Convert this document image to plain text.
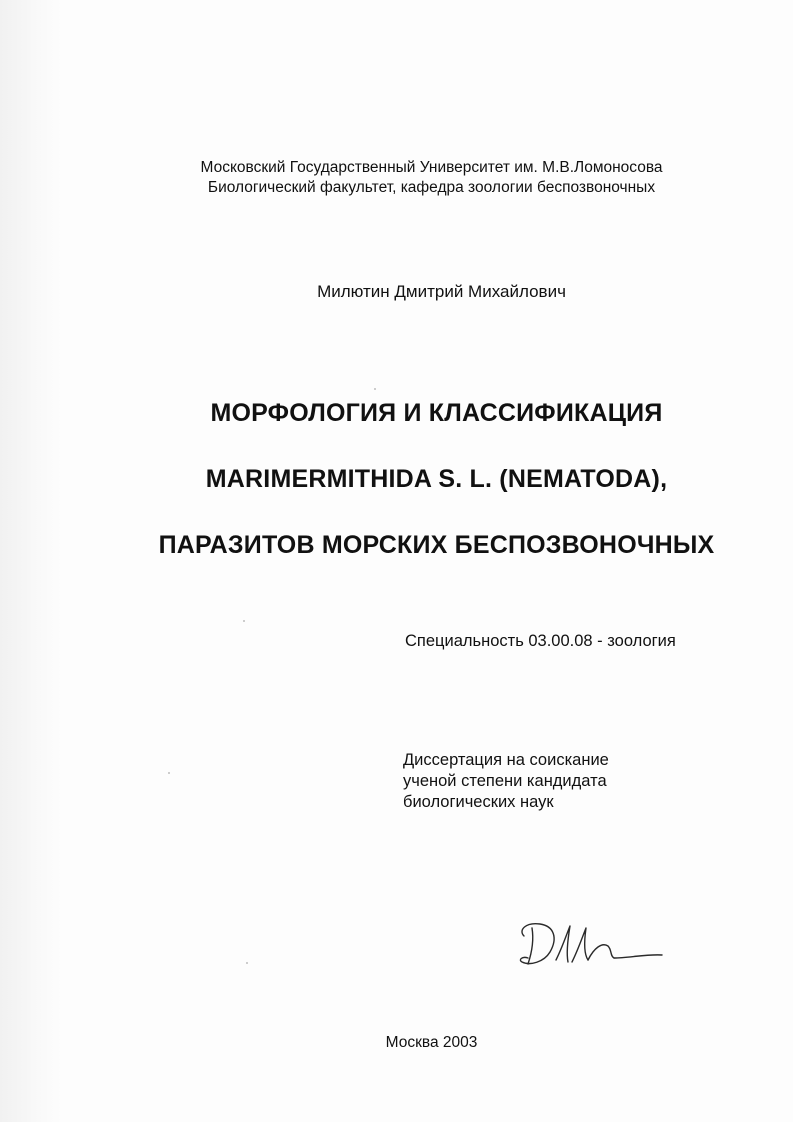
Московский Государственный Университет им. М.В.Ломоносова
Биологический факультет, кафедра зоологии беспозвоночных
Милютин Дмитрий Михайлович
МОРФОЛОГИЯ И КЛАССИФИКАЦИЯ
MARIMERMITHIDA S. L. (NEMATODA),
ПАРАЗИТОВ МОРСКИХ БЕСПОЗВОНОЧНЫХ
Специальность 03.00.08 - зоология
Диссертация на соискание
ученой степени кандидата
биологических наук
Москва 2003
